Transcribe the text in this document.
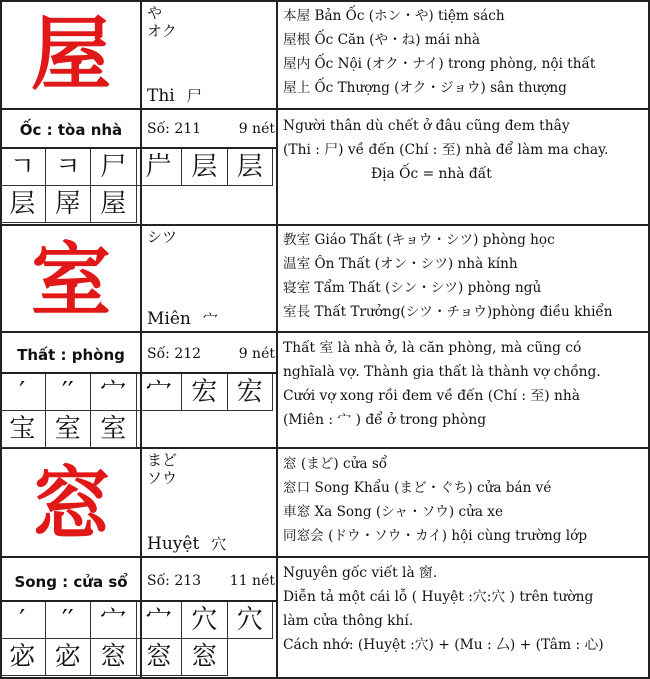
屋	や
オク
Thi 尸
本屋 Bản Ốc (ホン・や) tiệm sách
屋根 Ốc Căn (や・ね) mái nhà
屋内 Ốc Nội (オク・ナイ) trong phòng, nội thất
屋上 Ốc Thượng (オク・ジョウ) sân thượng
Ốc : tòa nhà	Số: 211	9 nét
ㄱ ㅋ 尸 屵 层 层
层 屖 屋
Người thân dù chết ở đâu cũng đem thây
(Thi : 尸) về đến (Chí : 至) nhà để làm ma chay.
Địa Ốc = nhà đất
室	シツ
Miên 宀
教室 Giáo Thất (キョウ・シツ) phòng học
温室 Ôn Thất (オン・シツ) nhà kính
寝室 Tẩm Thất (シン・シツ) phòng ngủ
室長 Thất Trưởng(シツ・チョウ)phòng điều khiển
Thất : phòng	Số: 212	9 nét
′	′′	宀 宀 宏 宏
宝 室 室
Thất 室 là nhà ở, là căn phòng, mà cũng có
nghĩalà vợ. Thành gia thất là thành vợ chồng.
Cưới vợ xong rồi đem về đến (Chí : 至) nhà
(Miên : 宀 ) để ở trong phòng
窓	まど
ソウ
Huyệt 穴
窓 (まど) cửa sổ
窓口 Song Khẩu (まど・ぐち) cửa bán vé
車窓 Xa Song (シャ・ソウ) cửa xe
同窓会 (ドウ・ソウ・カイ) hội cùng trường lớp
Song : cửa sổ	Số: 213 11 nét
′	′′	宀 宀 穴 穴
宓 宓 窓 窓 窓
Nguyên gốc viết là 窗.
Diễn tả một cái lỗ ( Huyệt :穴:穴 ) trên tường
làm cửa thông khí.
Cách nhớ: (Huyệt :穴) + (Mu : 厶) + (Tâm : 心)
